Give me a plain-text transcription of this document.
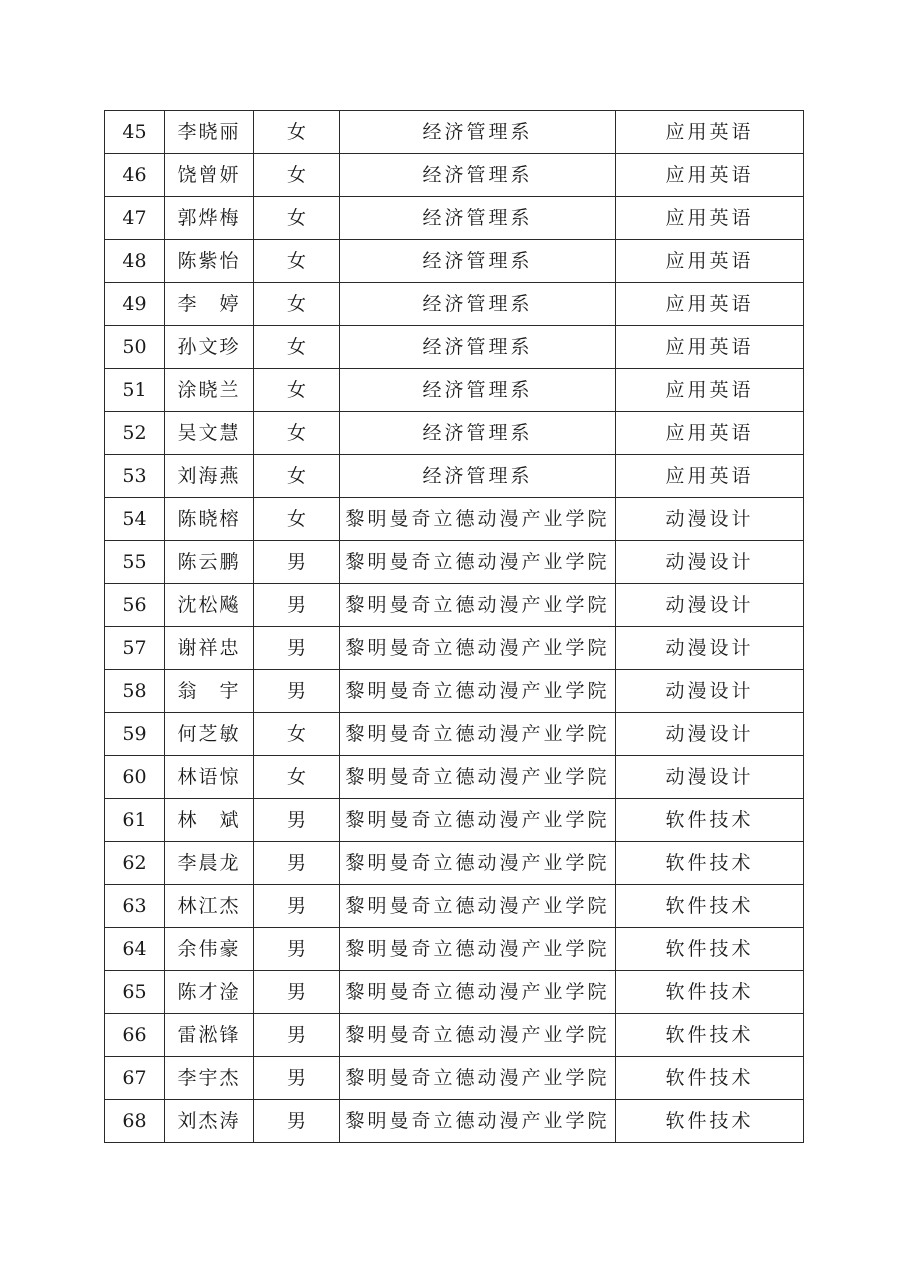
45	李晓丽	女	经济管理系	应用英语
46	饶曾妍	女	经济管理系	应用英语
47	郭烨梅	女	经济管理系	应用英语
48	陈紫怡	女	经济管理系	应用英语
49	李　婷	女	经济管理系	应用英语
50	孙文珍	女	经济管理系	应用英语
51	涂晓兰	女	经济管理系	应用英语
52	吴文慧	女	经济管理系	应用英语
53	刘海燕	女	经济管理系	应用英语
54	陈晓榕	女	黎明曼奇立德动漫产业学院	动漫设计
55	陈云鹏	男	黎明曼奇立德动漫产业学院	动漫设计
56	沈松飚	男	黎明曼奇立德动漫产业学院	动漫设计
57	谢祥忠	男	黎明曼奇立德动漫产业学院	动漫设计
58	翁　宇	男	黎明曼奇立德动漫产业学院	动漫设计
59	何芝敏	女	黎明曼奇立德动漫产业学院	动漫设计
60	林语惊	女	黎明曼奇立德动漫产业学院	动漫设计
61	林　斌	男	黎明曼奇立德动漫产业学院	软件技术
62	李晨龙	男	黎明曼奇立德动漫产业学院	软件技术
63	林江杰	男	黎明曼奇立德动漫产业学院	软件技术
64	余伟豪	男	黎明曼奇立德动漫产业学院	软件技术
65	陈才淦	男	黎明曼奇立德动漫产业学院	软件技术
66	雷淞锋	男	黎明曼奇立德动漫产业学院	软件技术
67	李宇杰	男	黎明曼奇立德动漫产业学院	软件技术
68	刘杰涛	男	黎明曼奇立德动漫产业学院	软件技术
